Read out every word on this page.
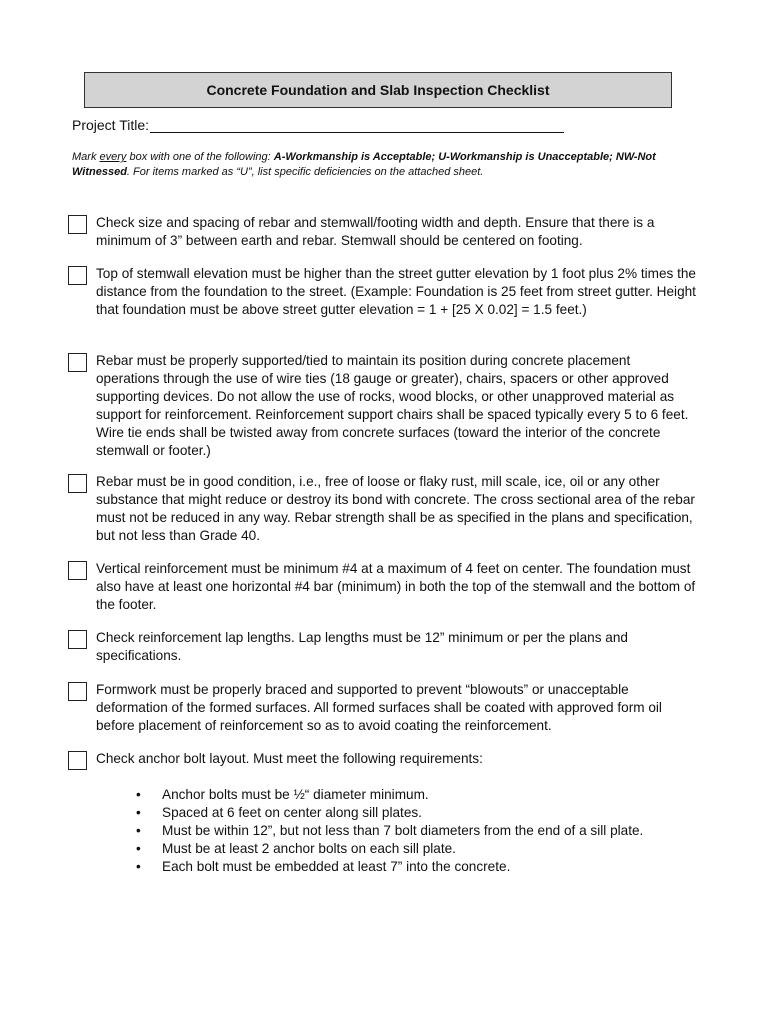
Concrete Foundation and Slab Inspection Checklist
Project Title:
Mark every box with one of the following: A-Workmanship is Acceptable; U-Workmanship is Unacceptable; NW-Not Witnessed. For items marked as “U”, list specific deficiencies on the attached sheet.
Check size and spacing of rebar and stemwall/footing width and depth. Ensure that there is a minimum of 3” between earth and rebar. Stemwall should be centered on footing.
Top of stemwall elevation must be higher than the street gutter elevation by 1 foot plus 2% times the distance from the foundation to the street. (Example: Foundation is 25 feet from street gutter. Height that foundation must be above street gutter elevation = 1 + [25 X 0.02] = 1.5 feet.)
Rebar must be properly supported/tied to maintain its position during concrete placement operations through the use of wire ties (18 gauge or greater), chairs, spacers or other approved supporting devices. Do not allow the use of rocks, wood blocks, or other unapproved material as support for reinforcement. Reinforcement support chairs shall be spaced typically every 5 to 6 feet. Wire tie ends shall be twisted away from concrete surfaces (toward the interior of the concrete stemwall or footer.)
Rebar must be in good condition, i.e., free of loose or flaky rust, mill scale, ice, oil or any other substance that might reduce or destroy its bond with concrete. The cross sectional area of the rebar must not be reduced in any way. Rebar strength shall be as specified in the plans and specification, but not less than Grade 40.
Vertical reinforcement must be minimum #4 at a maximum of 4 feet on center. The foundation must also have at least one horizontal #4 bar (minimum) in both the top of the stemwall and the bottom of the footer.
Check reinforcement lap lengths. Lap lengths must be 12” minimum or per the plans and specifications.
Formwork must be properly braced and supported to prevent “blowouts” or unacceptable deformation of the formed surfaces. All formed surfaces shall be coated with approved form oil before placement of reinforcement so as to avoid coating the reinforcement.
Check anchor bolt layout. Must meet the following requirements:
•	Anchor bolts must be ½“ diameter minimum.
•	Spaced at 6 feet on center along sill plates.
•	Must be within 12”, but not less than 7 bolt diameters from the end of a sill plate.
•	Must be at least 2 anchor bolts on each sill plate.
•	Each bolt must be embedded at least 7” into the concrete.
